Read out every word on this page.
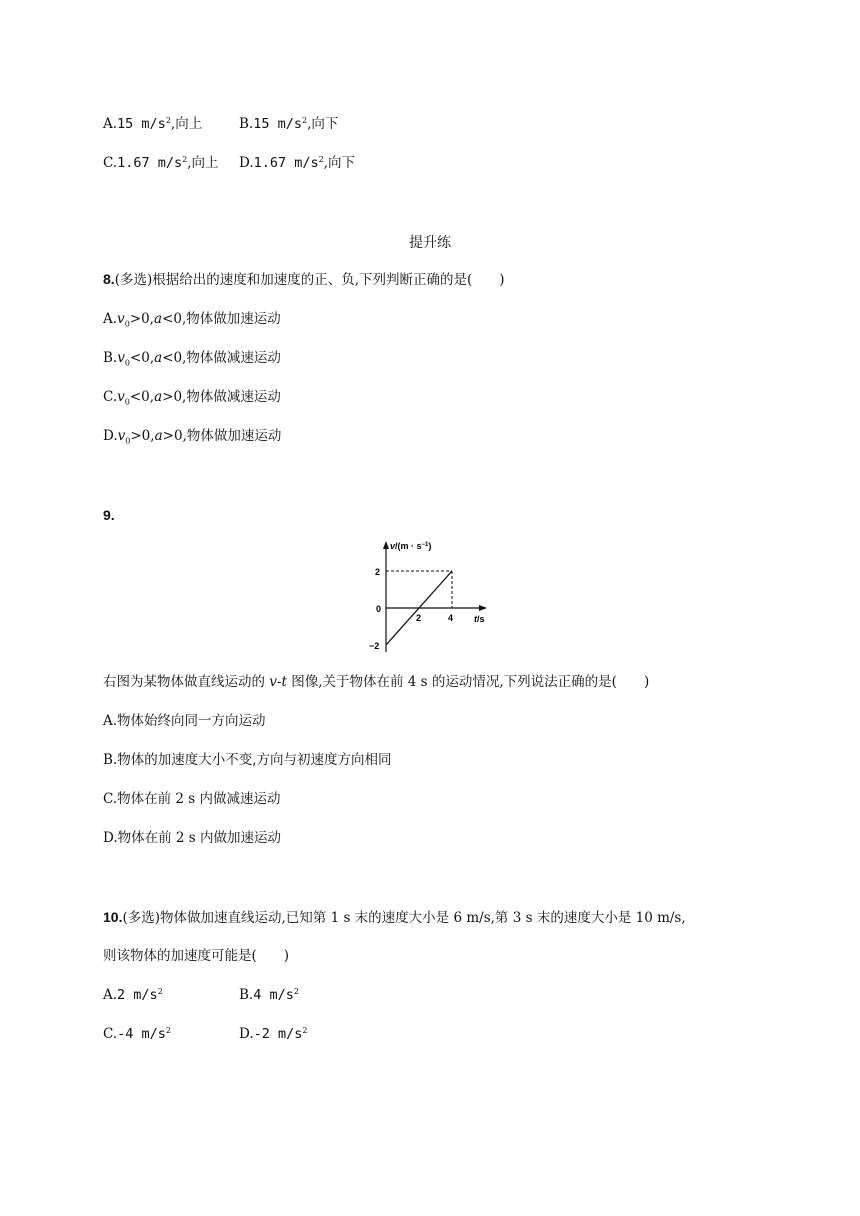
A.15 $m/s^2$,向上	B.15 $m/s^2$,向下
C.1.67 $m/s^2$,向上 D.1.67 $m/s^2$,向下
提升练
8.(多选)根据给出的速度和加速度的正、负,下列判断正确的是(　　)
$A.v_0>0,a<0$,物体做加速运动
$B.v_0<0,a<0$,物体做减速运动
$C.v_0<0,a>0$,物体做减速运动
$D.v_0>0,a>0$,物体做加速运动
9.
$v/(m \cdot s^{-1})$
2
0
−2
2	4 t/s
右图为某物体做直线运动的 v-t 图像,关于物体在前 4 s 的运动情况,下列说法正确的是(　　)
A.物体始终向同一方向运动
B.物体的加速度大小不变,方向与初速度方向相同
C.物体在前 2 s 内做减速运动
D.物体在前 2 s 内做加速运动
10.(多选)物体做加速直线运动,已知第 1 s 末的速度大小是 6 m/s,第 3 s 末的速度大小是 10 m/s,
则该物体的加速度可能是(　　)
A.2 $m/s^2$	B.4 $m/s^2$
C.-4 $m/s^2$	D.-2 $m/s^2$
